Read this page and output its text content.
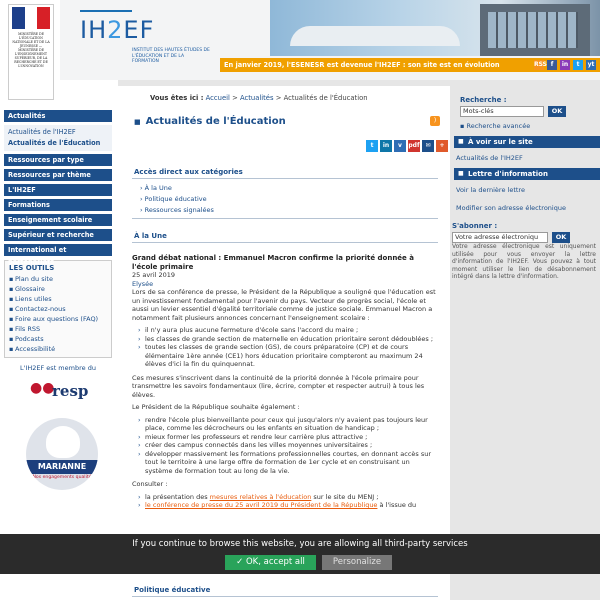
MINISTÈRE DE L'ÉDUCATION NATIONALE ET DE LA JEUNESSE — MINISTÈRE DE L'ENSEIGNEMENT SUPÉRIEUR, DE LA RECHERCHE ET DE L'INNOVATION
Actualités
Actualités de l'IH2EF
Actualités de l'Éducation
Ressources par type
Ressources par thème
L'IH2EF
Formations
Enseignement scolaire
Supérieur et recherche
International et partenariats
LES OUTILS
▪ Plan du site
▪ Glossaire
▪ Liens utiles
▪ Contactez-nous
▪ Foire aux questions (FAQ)
▪ Fils RSS
▪ Podcasts
▪ Accessibilité
L'IH2EF est membre du
●●
resp
MARIANNE
Nos engagements qualité
IH2EF
INSTITUT DES HAUTES ÉTUDES DE L'ÉDUCATION ET DE LA FORMATION	En janvier 2019, l'ESENESR est devenue l'IH2EF : son site est en évolution	RSS f	in	t	yt
Vous êtes ici : Accueil > Actualités > Actualités de l'Éducation
■ Actualités de l'Éducation	)
t	in	v	pdf ✉	+
Accès direct aux catégories
› À la Une
› Politique éducative
› Ressources signalées
À la Une
Grand débat national : Emmanuel Macron confirme la priorité donnée à l'école primaire
25 avril 2019
Elysée
Lors de sa conférence de presse, le Président de la République a souligné que l'éducation est un investissement fondamental pour l'avenir du pays. Vecteur de progrès social, l'école et aussi un levier essentiel d'égalité territoriale comme de justice sociale. Emmanuel Macron a notamment fait plusieurs annonces concernant l'enseignement scolaire :
› il n'y aura plus aucune fermeture d'école sans l'accord du maire ;
› les classes de grande section de maternelle en éducation prioritaire seront dédoublées ;
› toutes les classes de grande section (GS), de cours préparatoire (CP) et de cours élémentaire 1ère année (CE1) hors éducation prioritaire compteront au maximum 24 élèves d'ici la fin du quinquennat.
Ces mesures s'inscrivent dans la continuité de la priorité donnée à l'école primaire pour transmettre les savoirs fondamentaux (lire, écrire, compter et respecter autrui) à tous les élèves.
Le Président de la République souhaite également :
› rendre l'école plus bienveillante pour ceux qui jusqu'alors n'y avaient pas toujours leur place, comme les décrocheurs ou les enfants en situation de handicap ;
› mieux former les professeurs et rendre leur carrière plus attractive ;
› créer des campus connectés dans les villes moyennes universitaires ;
› développer massivement les formations professionnelles courtes, en donnant accès sur tout le territoire à une large offre de formation de 1er cycle et en construisant un système de formation tout au long de la vie.
Consulter :
› la présentation des mesures relatives à l'éducation sur le site du MENJ ;
› le conférence de presse du 25 avril 2019 du Président de la République à l'issue du
Politique éducative
Recherche :
Mots-clés	OK
▪ Recherche avancée
■ À voir sur le site
Actualités de l'IH2EF
■ Lettre d'information
Voir la dernière lettre
Modifier son adresse électronique
S'abonner :
Votre adresse électroniqu	OK
Votre adresse électronique est uniquement utilisée pour vous envoyer la lettre d'information de l'IH2EF. Vous pouvez à tout moment utiliser le lien de désabonnement intégré dans la lettre d'information.
If you continue to browse this website, you are allowing all third-party services
✓ OK, accept all	Personalize
